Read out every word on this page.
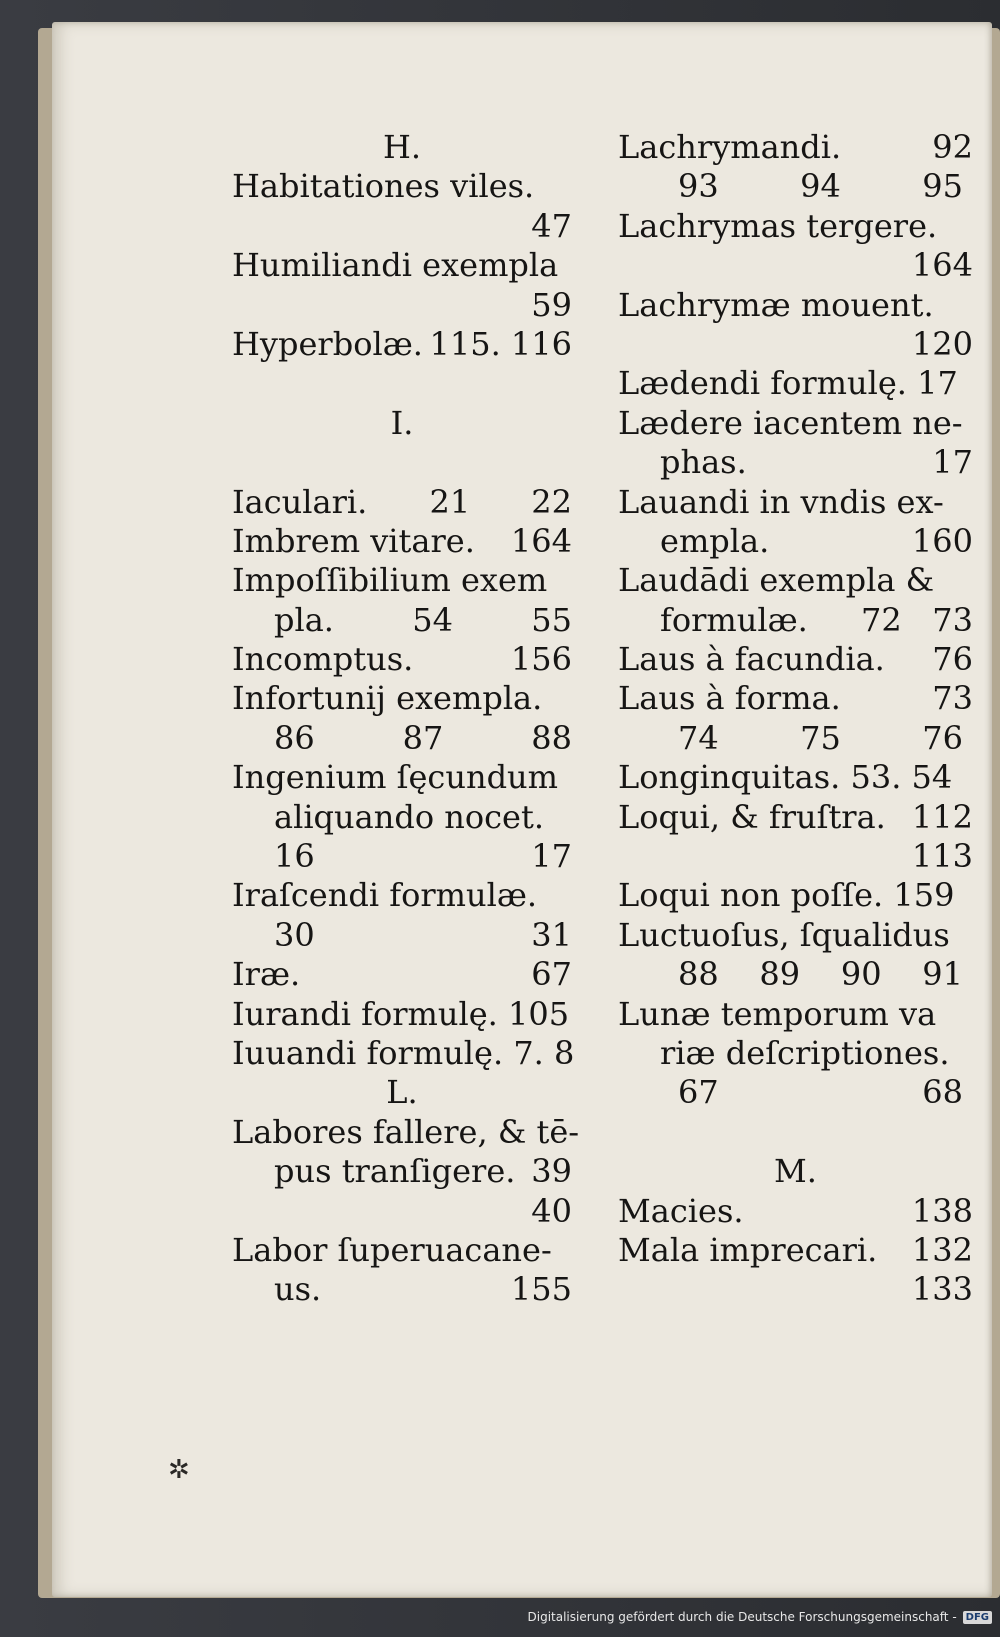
H.
Habitationes viles.
47
Humiliandi exempla
59
Hyperbolæ. 115. 116
I.
Iaculari. 21      22
Imbrem vitare. 164
Impoſſibilium exem
pla. 54 55
Incomptus.	156
Infortunij exempla.
86	87	88
Ingenium ſęcundum
aliquando nocet.
16	17
Iraſcendi formulæ.
30	31
Iræ.	67
Iurandi formulę. 105
Iuuandi formulę. 7. 8
L.
Labores fallere, & tē-
pus tranſigere. 39
40
Labor ſuperuacane-
us.	155
Lachrymandi.	92
93	94	95
Lachrymas tergere.
164
Lachrymæ mouent.
120
Lædendi formulę. 17
Lædere iacentem ne-
phas.	17
Lauandi in vndis ex-
empla.	160
Laudādi exempla &
formulæ. 72   73
Laus à facundia. 76
Laus à forma.	73
74	75	76
Longinquitas. 53. 54
Loqui, & fruſtra. 112
113
Loqui non poſſe. 159
Luctuoſus, ſqualidus
88 89 90 91
Lunæ temporum va
riæ deſcriptiones.
67	68
M.
Macies.	138
Mala imprecari. 132
133
✲
Digitalisierung gefördert durch die Deutsche Forschungsgemeinschaft - DFG
